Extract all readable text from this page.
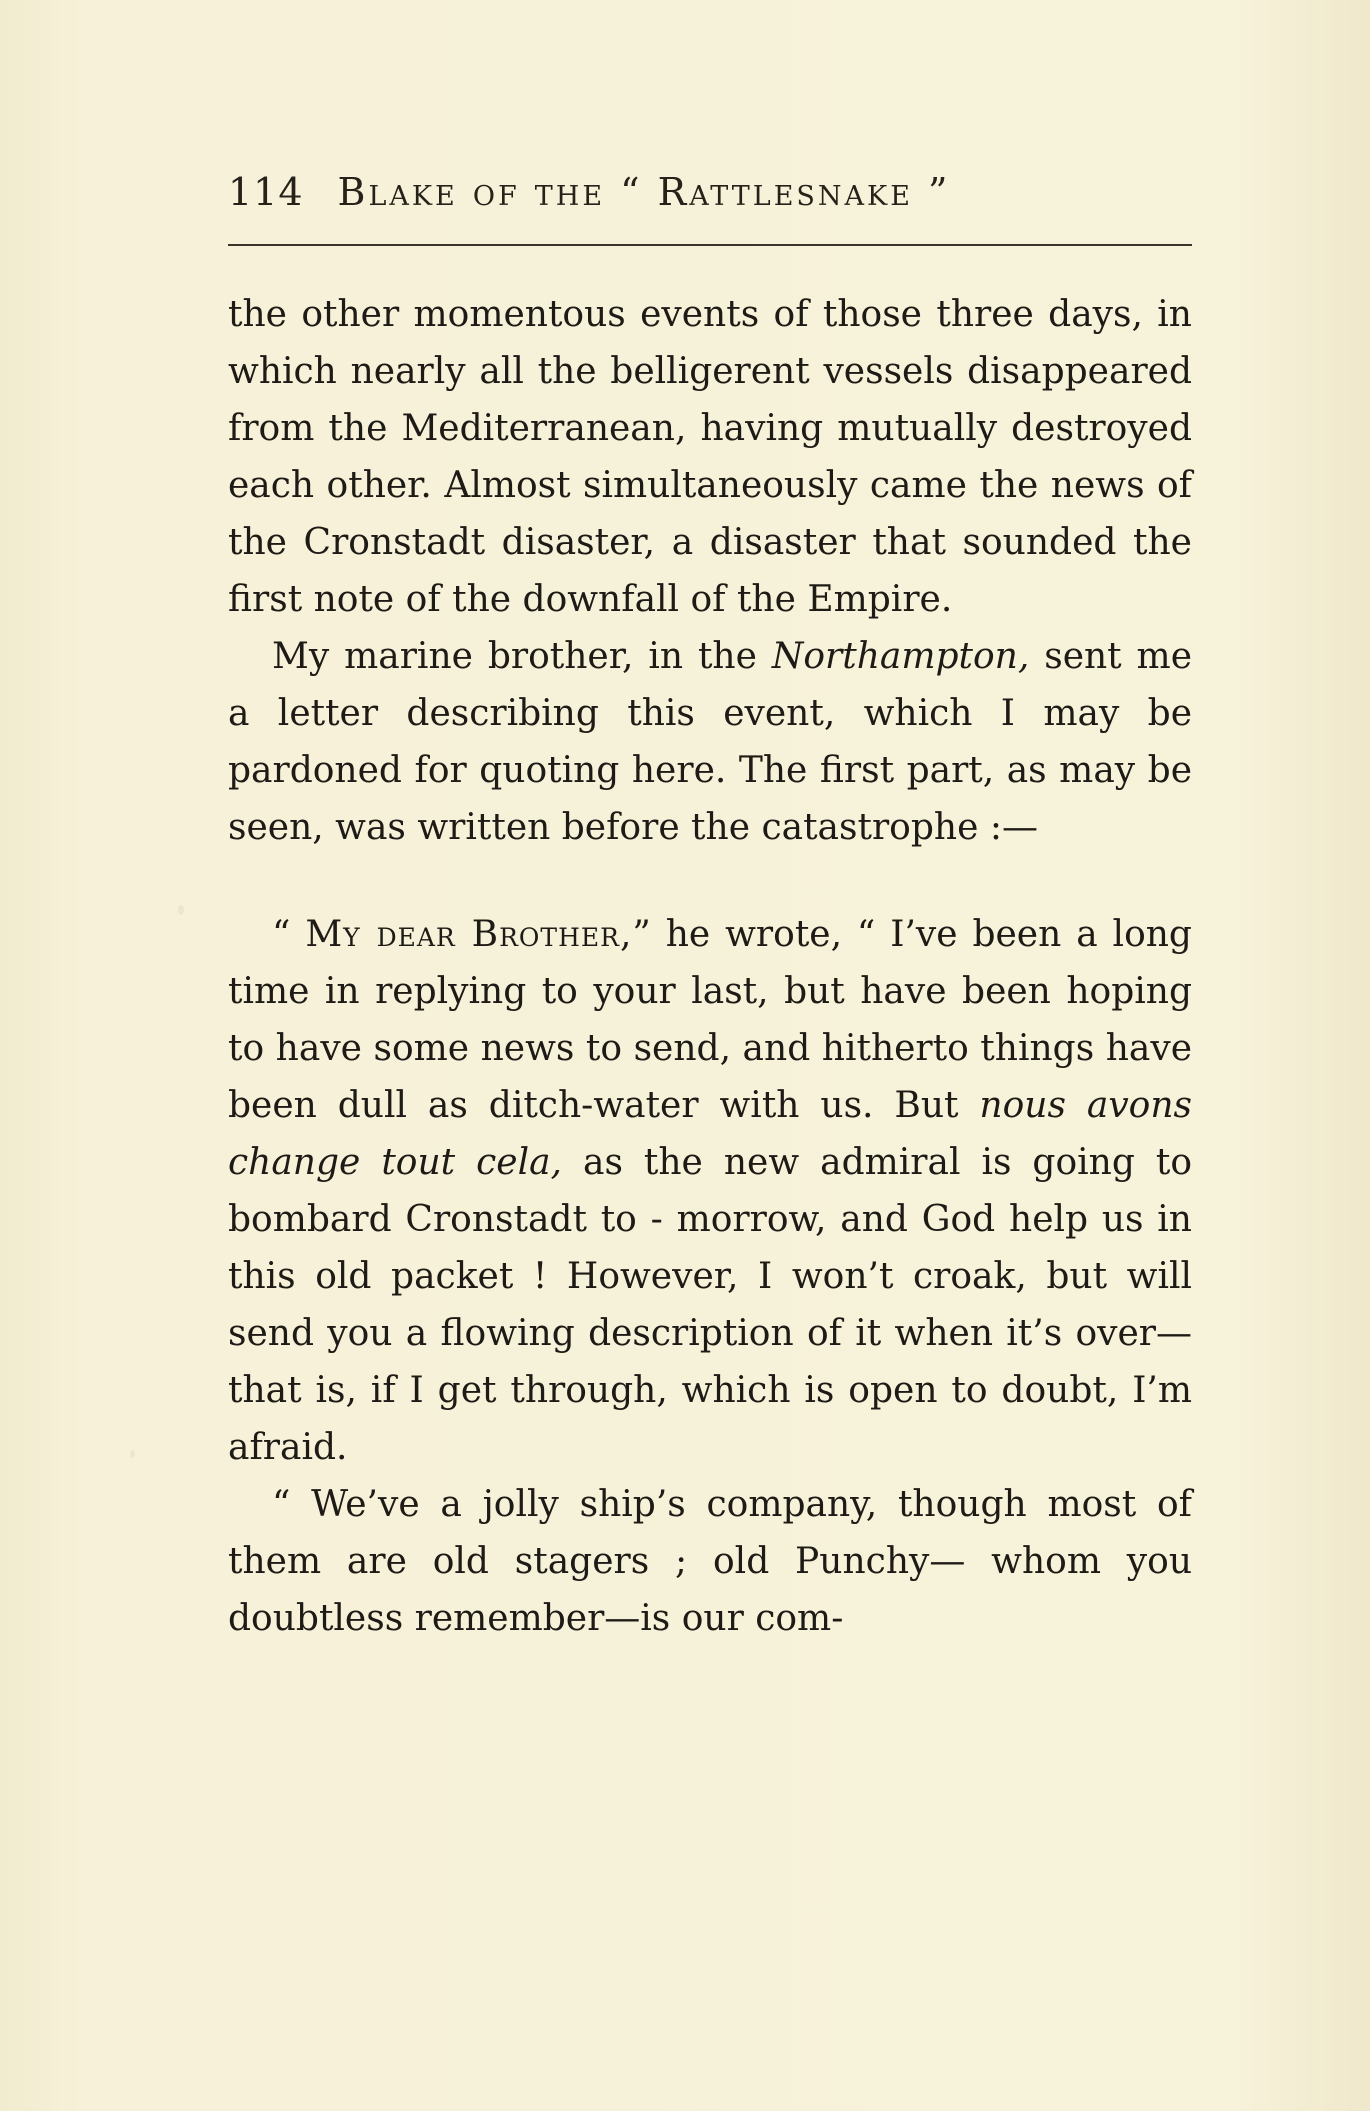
114 Blake of the “ Rattlesnake ”

the other momentous events of those three days, in which nearly all the belligerent vessels disappeared from the Mediterranean, having mutually destroyed each other. Almost simultaneously came the news of the Cronstadt disaster, a disaster that sounded the first note of the downfall of the Empire.

My marine brother, in the Northampton, sent me a letter describing this event, which I may be pardoned for quoting here. The first part, as may be seen, was written before the catastrophe :—

“ My dear Brother,” he wrote, “ I’ve been a long time in replying to your last, but have been hoping to have some news to send, and hitherto things have been dull as ditch-water with us. But nous avons change tout cela, as the new admiral is going to bombard Cronstadt to - morrow, and God help us in this old packet ! However, I won’t croak, but will send you a flowing description of it when it’s over—that is, if I get through, which is open to doubt, I’m afraid.

“ We’ve a jolly ship’s company, though most of them are old stagers ; old Punchy— whom you doubtless remember—is our com-
